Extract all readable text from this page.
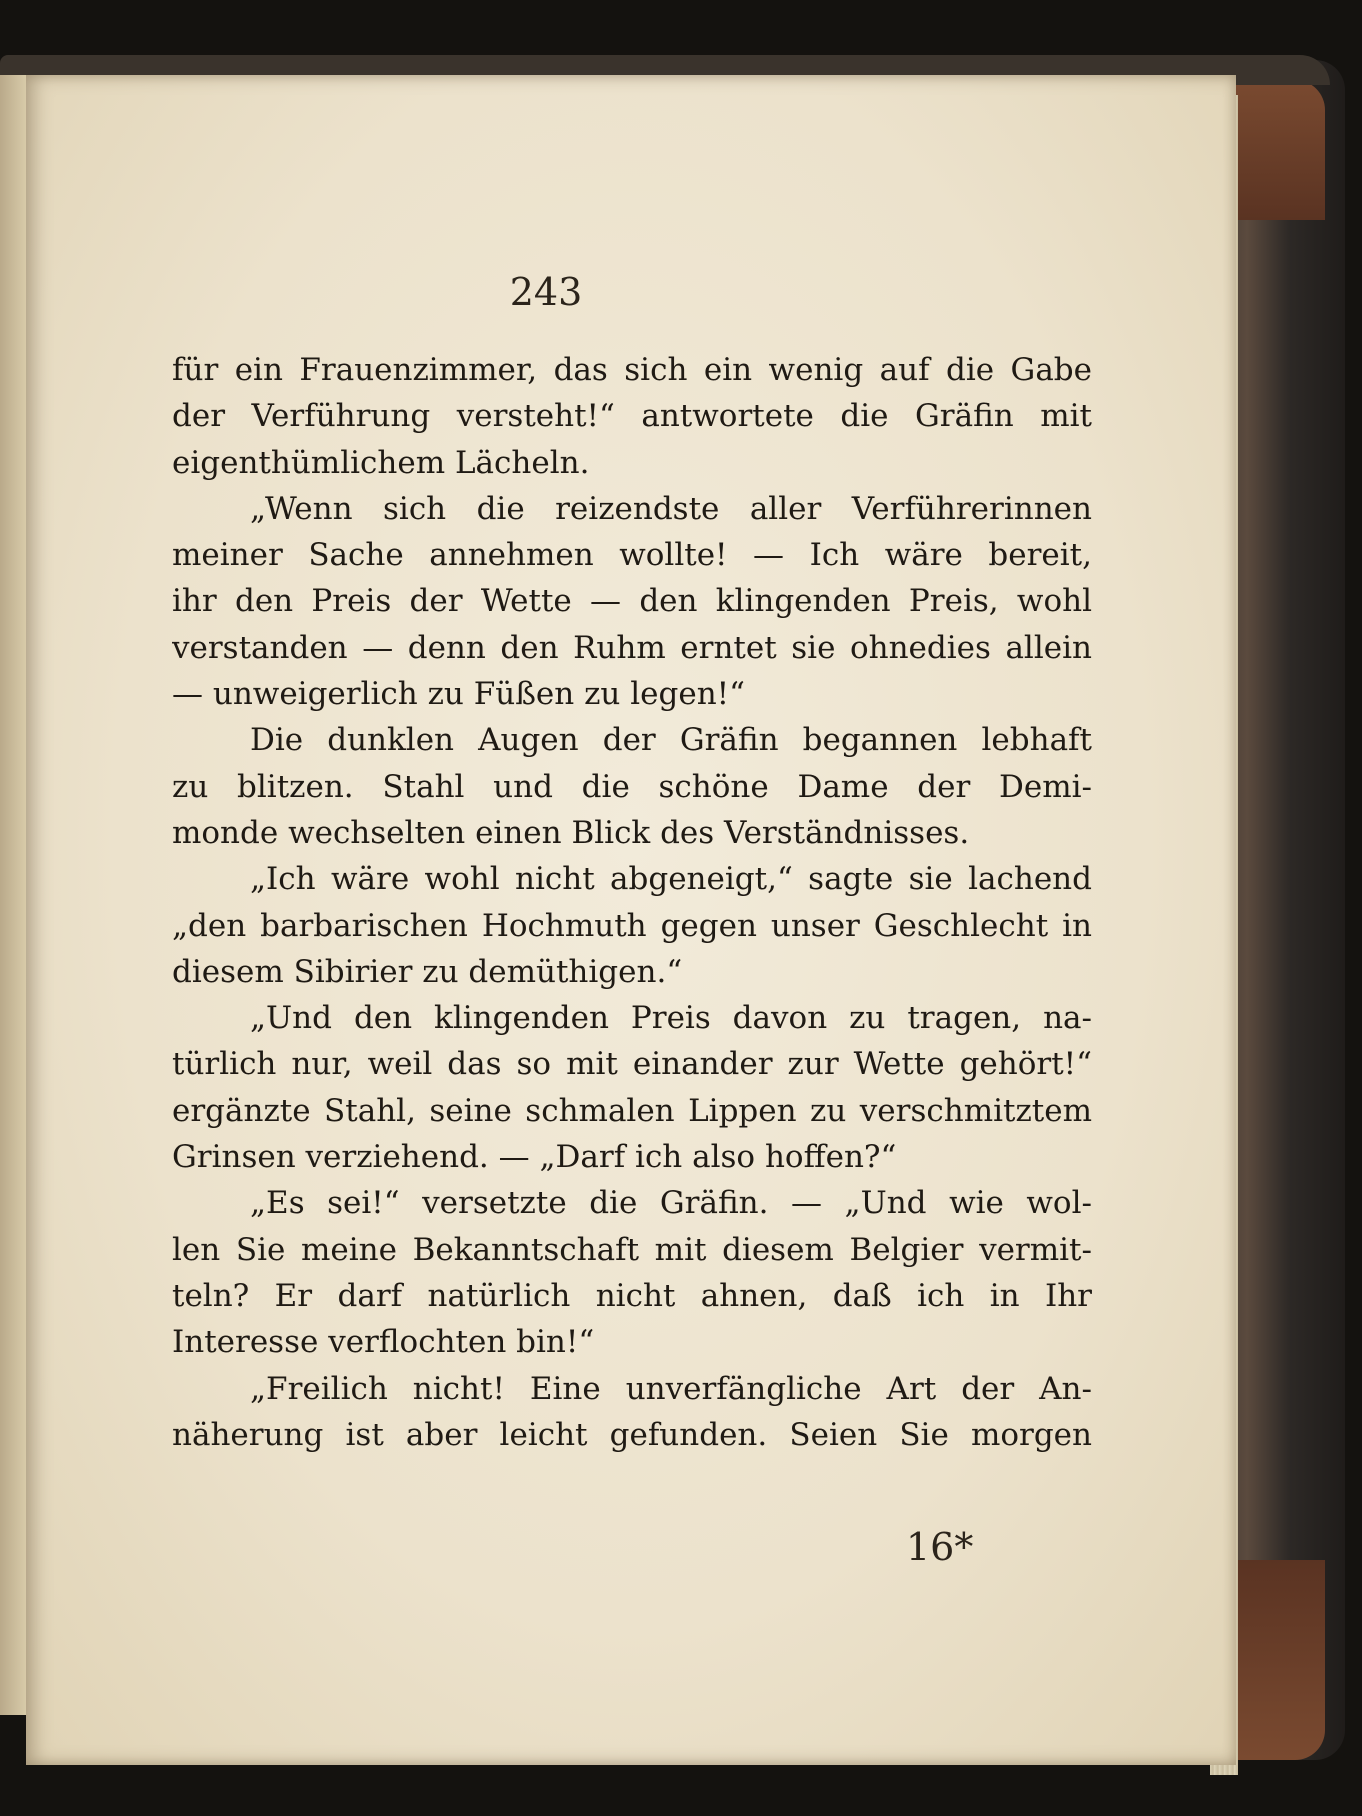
243
für ein Frauenzimmer, das sich ein wenig auf die Gabe
der Verführung versteht!“ antwortete die Gräfin mit
eigenthümlichem Lächeln.
„Wenn sich die reizendste aller Verführerinnen
meiner Sache annehmen wollte! — Ich wäre bereit,
ihr den Preis der Wette — den klingenden Preis, wohl
verstanden — denn den Ruhm erntet sie ohnedies allein
— unweigerlich zu Füßen zu legen!“
Die dunklen Augen der Gräfin begannen lebhaft
zu blitzen. Stahl und die schöne Dame der Demi-
monde wechselten einen Blick des Verständnisses.
„Ich wäre wohl nicht abgeneigt,“ sagte sie lachend
„den barbarischen Hochmuth gegen unser Geschlecht in
diesem Sibirier zu demüthigen.“
„Und den klingenden Preis davon zu tragen, na-
türlich nur, weil das so mit einander zur Wette gehört!“
ergänzte Stahl, seine schmalen Lippen zu verschmitztem
Grinsen verziehend. — „Darf ich also hoffen?“
„Es sei!“ versetzte die Gräfin. — „Und wie wol-
len Sie meine Bekanntschaft mit diesem Belgier vermit-
teln? Er darf natürlich nicht ahnen, daß ich in Ihr
Interesse verflochten bin!“
„Freilich nicht! Eine unverfängliche Art der An-
näherung ist aber leicht gefunden. Seien Sie morgen
16*
